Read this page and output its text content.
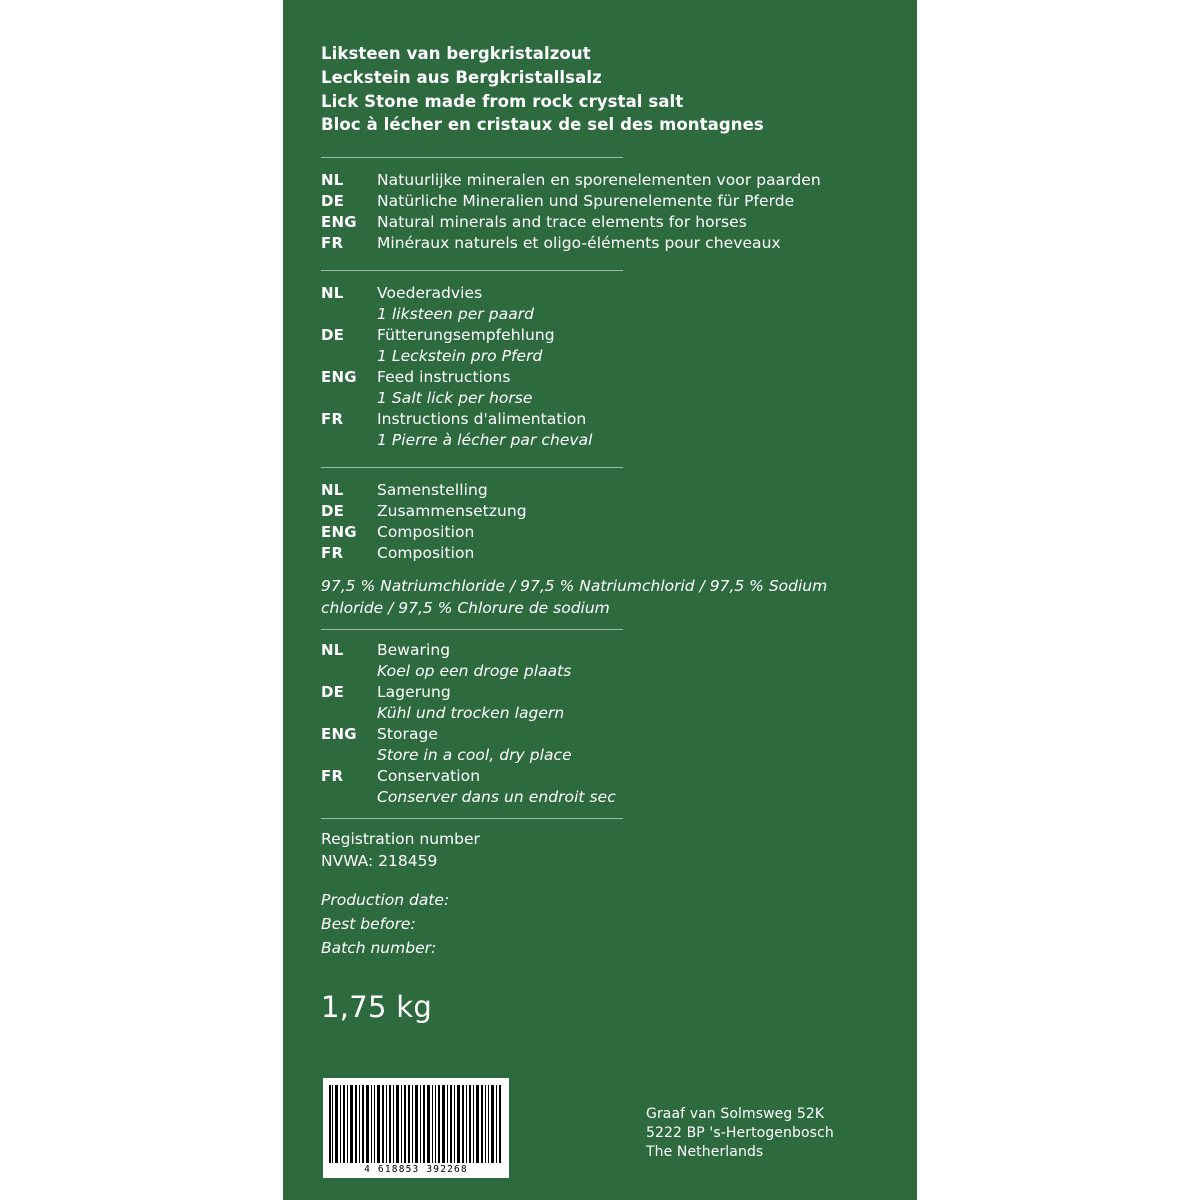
Liksteen van bergkristalzout
Leckstein aus Bergkristallsalz
Lick Stone made from rock crystal salt
Bloc à lécher en cristaux de sel des montagnes
NL	Natuurlijke mineralen en sporenelementen voor paarden
DE	Natürliche Mineralien und Spurenelemente für Pferde
ENG	Natural minerals and trace elements for horses
FR	Minéraux naturels et oligo-éléments pour cheveaux
NL	Voederadvies
1 liksteen per paard
DE	Fütterungsempfehlung
1 Leckstein pro Pferd
ENG	Feed instructions
1 Salt lick per horse
FR	Instructions d'alimentation
1 Pierre à lécher par cheval
NL	Samenstelling
DE	Zusammensetzung
ENG	Composition
FR	Composition
97,5 % Natriumchloride / 97,5 % Natriumchlorid / 97,5 % Sodium chloride / 97,5 % Chlorure de sodium
NL	Bewaring
Koel op een droge plaats
DE	Lagerung
Kühl und trocken lagern
ENG	Storage
Store in a cool, dry place
FR	Conservation
Conserver dans un endroit sec
Registration number
NVWA: 218459
Production date:
Best before:
Batch number:
1,75 kg
4 618853 392268
Graaf van Solmsweg 52K
5222 BP 's-Hertogenbosch
The Netherlands
